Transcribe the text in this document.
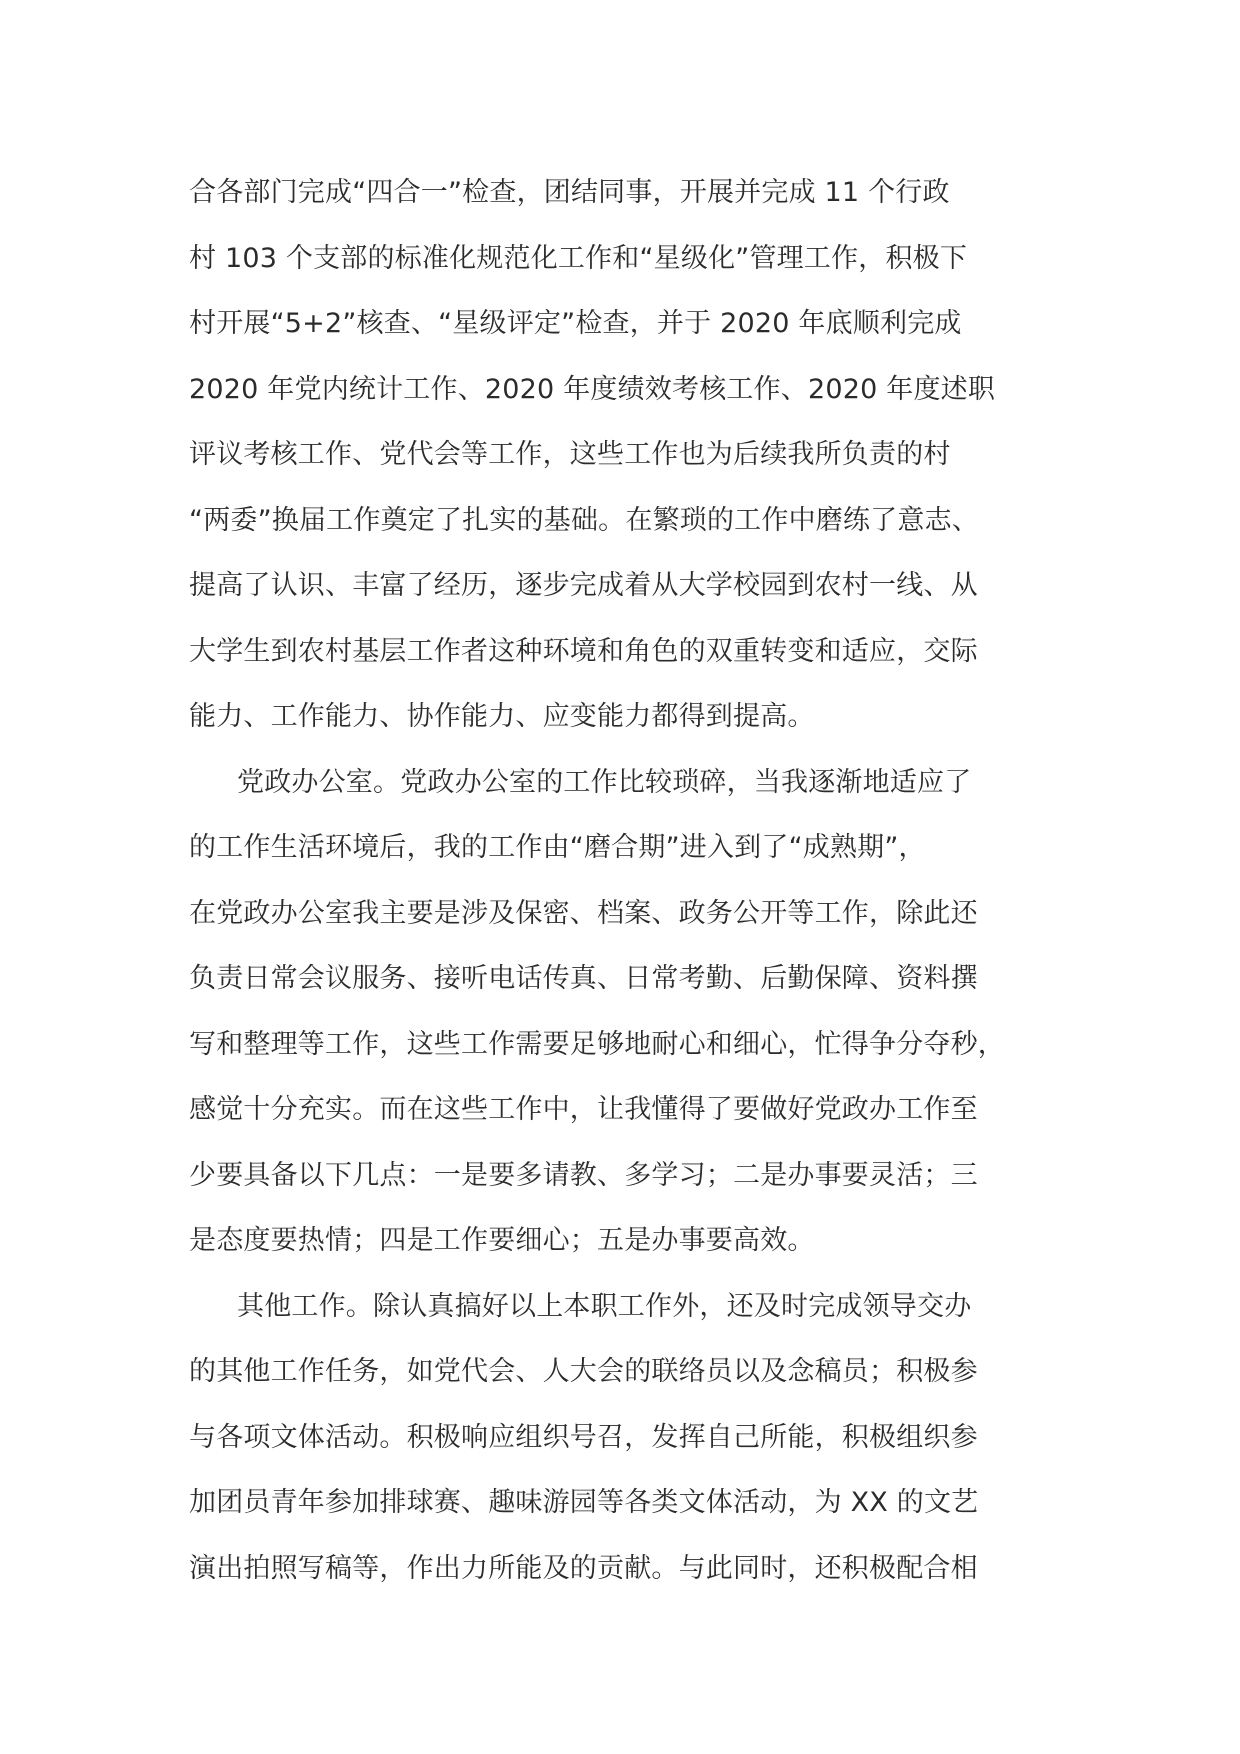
合各部门完成“四合一”检查，团结同事，开展并完成 11 个行政
村 103 个支部的标准化规范化工作和“星级化”管理工作，积极下
村开展“5+2”核查、“星级评定”检查，并于 2020 年底顺利完成
2020 年党内统计工作、2020 年度绩效考核工作、2020 年度述职
评议考核工作、党代会等工作，这些工作也为后续我所负责的村
“两委”换届工作奠定了扎实的基础。在繁琐的工作中磨练了意志、
提高了认识、丰富了经历，逐步完成着从大学校园到农村一线、从
大学生到农村基层工作者这种环境和角色的双重转变和适应，交际
能力、工作能力、协作能力、应变能力都得到提高。
党政办公室。党政办公室的工作比较琐碎，当我逐渐地适应了
的工作生活环境后，我的工作由“磨合期”进入到了“成熟期”，
在党政办公室我主要是涉及保密、档案、政务公开等工作，除此还
负责日常会议服务、接听电话传真、日常考勤、后勤保障、资料撰
写和整理等工作，这些工作需要足够地耐心和细心，忙得争分夺秒，
感觉十分充实。而在这些工作中，让我懂得了要做好党政办工作至
少要具备以下几点：一是要多请教、多学习；二是办事要灵活；三
是态度要热情；四是工作要细心；五是办事要高效。
其他工作。除认真搞好以上本职工作外，还及时完成领导交办
的其他工作任务，如党代会、人大会的联络员以及念稿员；积极参
与各项文体活动。积极响应组织号召，发挥自己所能，积极组织参
加团员青年参加排球赛、趣味游园等各类文体活动，为 XX 的文艺
演出拍照写稿等，作出力所能及的贡献。与此同时，还积极配合相
